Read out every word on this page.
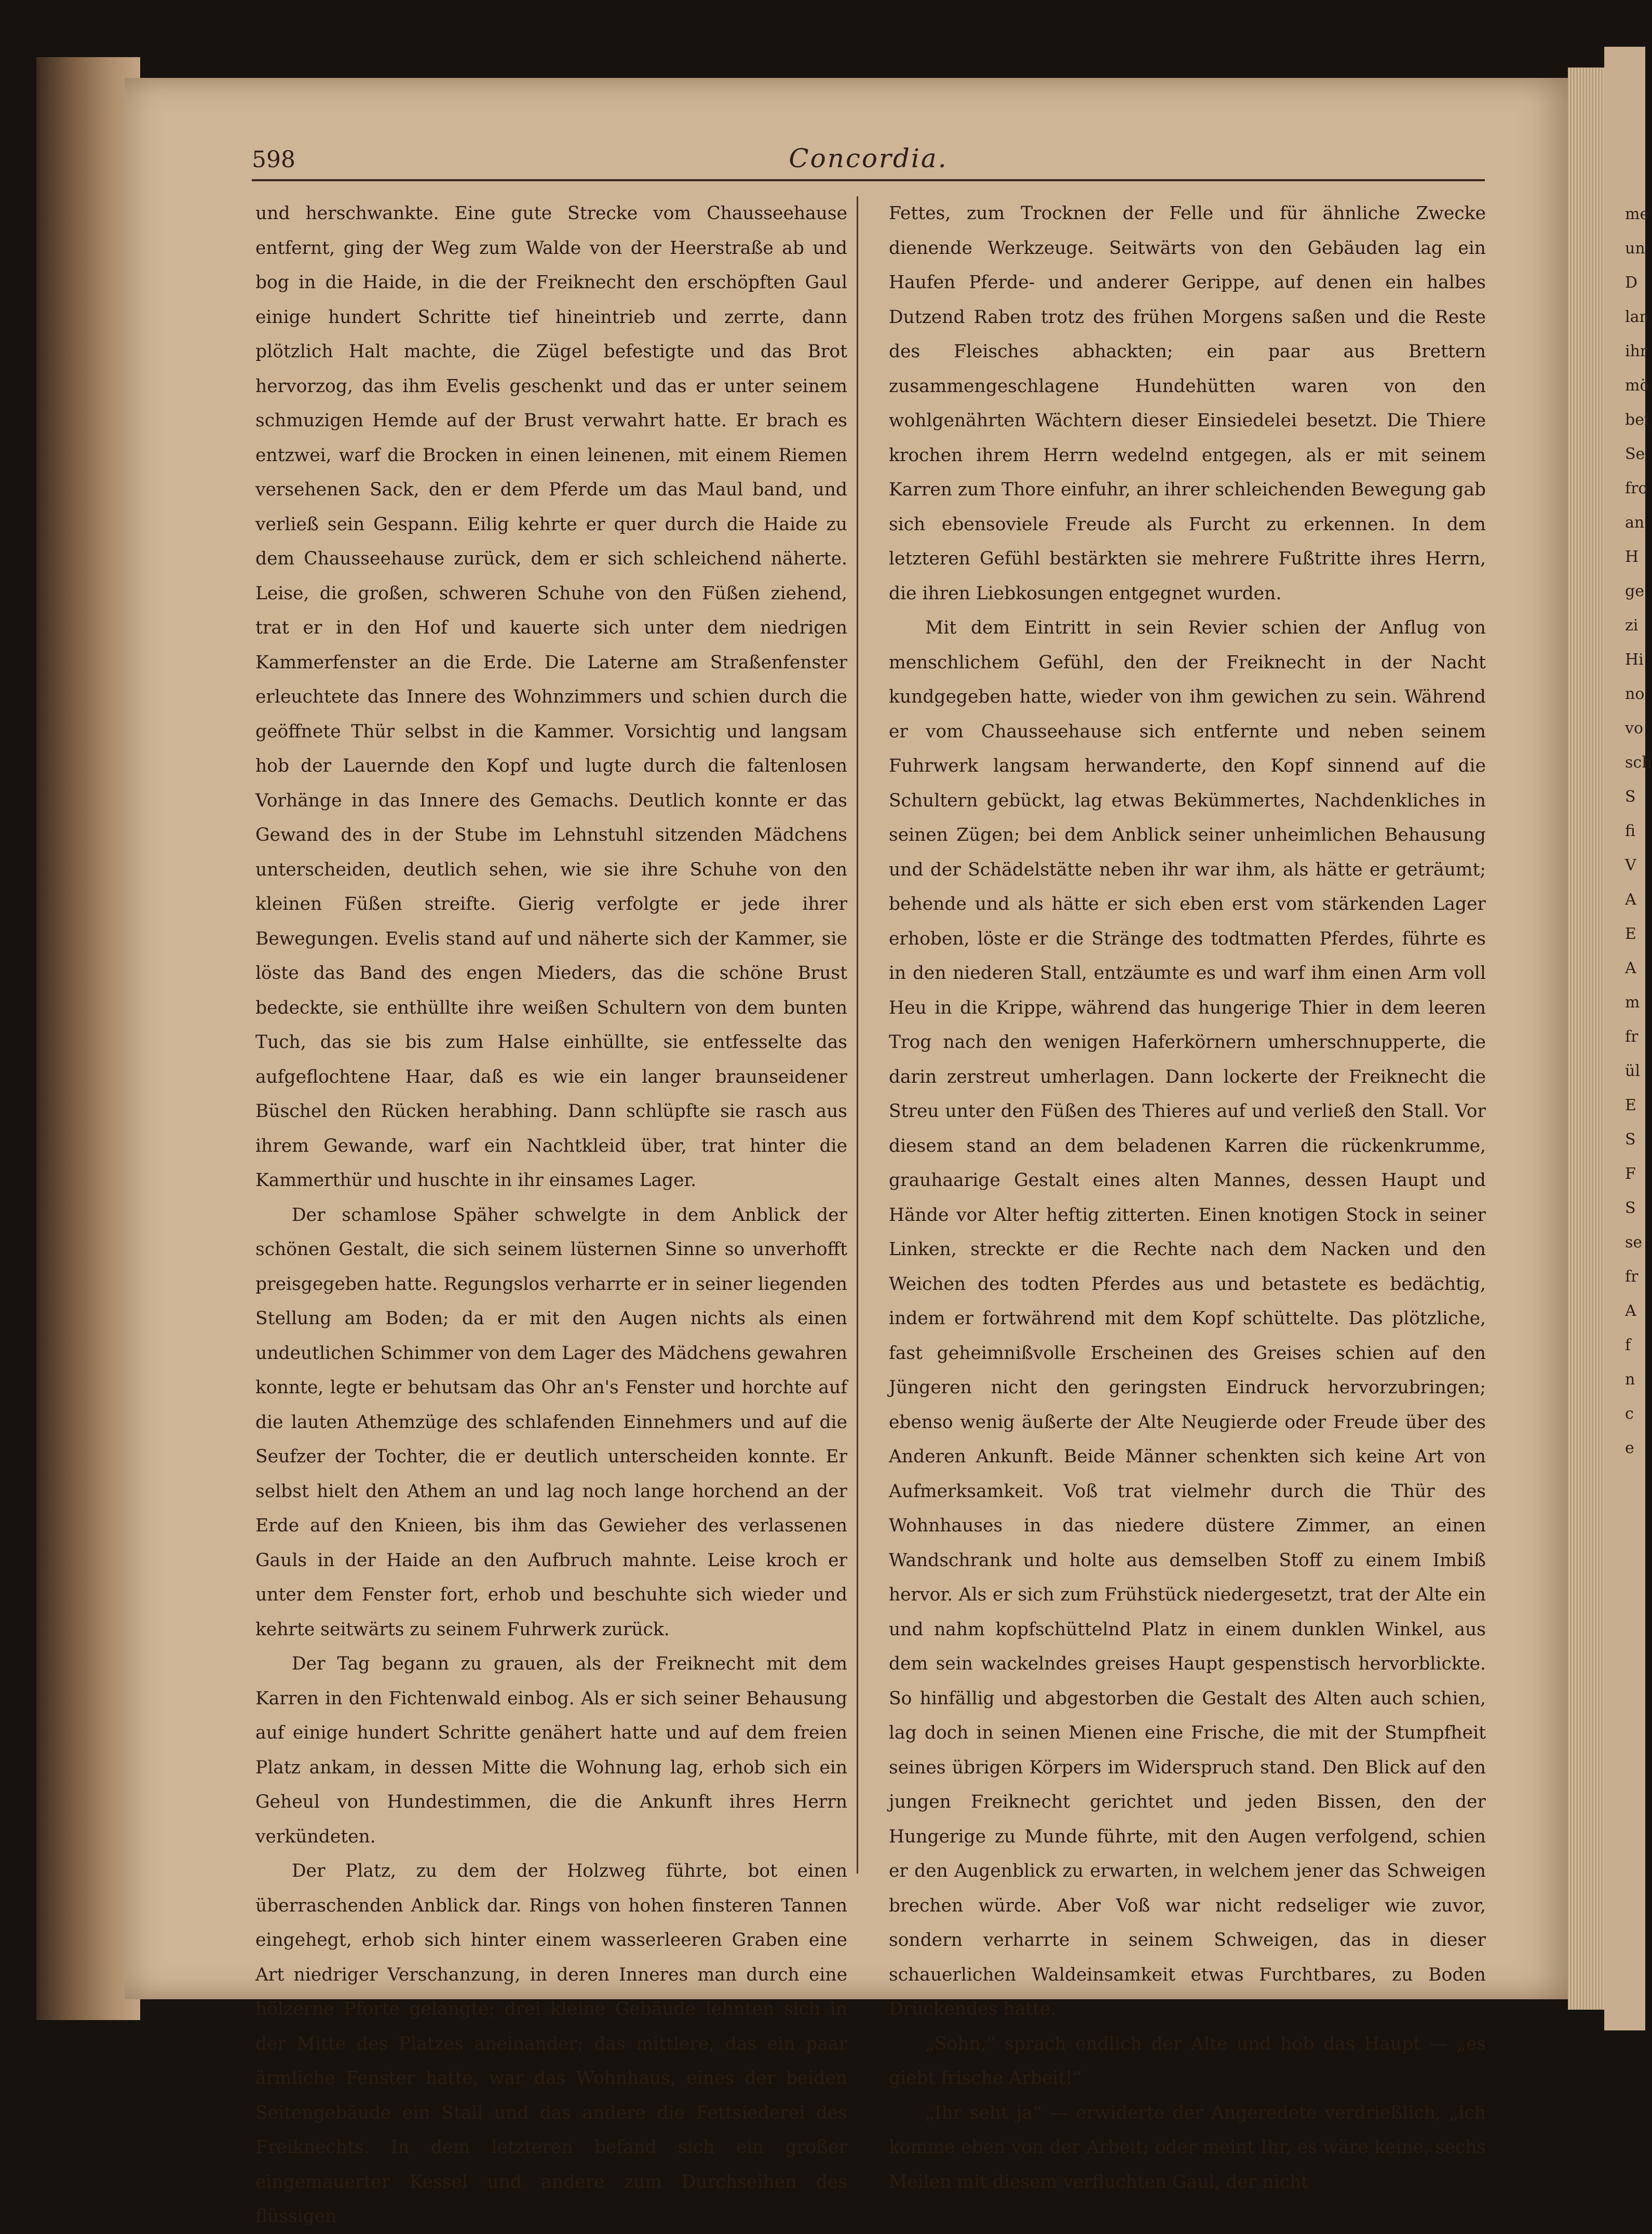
me
un
D
lan
ihr
mö
bei
Se
fro
an
H
ge
zi
Hi
no
vo
sch
S
fi
V
A
E
A
m
fr
ül
E
S
F
S
se
fr
A
f
n
c
e
598	Concordia.

und herschwankte. Eine gute Strecke vom Chausseehause entfernt, ging der Weg zum Walde von der Heerstraße ab und bog in die Haide, in die der Freiknecht den erschöpften Gaul einige hundert Schritte tief hineintrieb und zerrte, dann plötzlich Halt machte, die Zügel befestigte und das Brot hervorzog, das ihm Evelis geschenkt und das er unter seinem schmuzigen Hemde auf der Brust verwahrt hatte. Er brach es entzwei, warf die Brocken in einen leinenen, mit einem Riemen versehenen Sack, den er dem Pferde um das Maul band, und verließ sein Gespann. Eilig kehrte er quer durch die Haide zu dem Chausseehause zurück, dem er sich schleichend näherte. Leise, die großen, schweren Schuhe von den Füßen ziehend, trat er in den Hof und kauerte sich unter dem niedrigen Kammerfenster an die Erde. Die Laterne am Straßenfenster erleuchtete das Innere des Wohnzimmers und schien durch die geöffnete Thür selbst in die Kammer. Vorsichtig und langsam hob der Lauernde den Kopf und lugte durch die faltenlosen Vorhänge in das Innere des Gemachs. Deutlich konnte er das Gewand des in der Stube im Lehnstuhl sitzenden Mädchens unterscheiden, deutlich sehen, wie sie ihre Schuhe von den kleinen Füßen streifte. Gierig verfolgte er jede ihrer Bewegungen. Evelis stand auf und näherte sich der Kammer, sie löste das Band des engen Mieders, das die schöne Brust bedeckte, sie enthüllte ihre weißen Schultern von dem bunten Tuch, das sie bis zum Halse einhüllte, sie entfesselte das aufgeflochtene Haar, daß es wie ein langer braunseidener Büschel den Rücken herabhing. Dann schlüpfte sie rasch aus ihrem Gewande, warf ein Nachtkleid über, trat hinter die Kammerthür und huschte in ihr einsames Lager.

Der schamlose Späher schwelgte in dem Anblick der schönen Gestalt, die sich seinem lüsternen Sinne so unverhofft preisgegeben hatte. Regungslos verharrte er in seiner liegenden Stellung am Boden; da er mit den Augen nichts als einen undeutlichen Schimmer von dem Lager des Mädchens gewahren konnte, legte er behutsam das Ohr an's Fenster und horchte auf die lauten Athemzüge des schlafenden Einnehmers und auf die Seufzer der Tochter, die er deutlich unterscheiden konnte. Er selbst hielt den Athem an und lag noch lange horchend an der Erde auf den Knieen, bis ihm das Gewieher des verlassenen Gauls in der Haide an den Aufbruch mahnte. Leise kroch er unter dem Fenster fort, erhob und beschuhte sich wieder und kehrte seitwärts zu seinem Fuhrwerk zurück.

Der Tag begann zu grauen, als der Freiknecht mit dem Karren in den Fichtenwald einbog. Als er sich seiner Behausung auf einige hundert Schritte genähert hatte und auf dem freien Platz ankam, in dessen Mitte die Wohnung lag, erhob sich ein Geheul von Hundestimmen, die die Ankunft ihres Herrn verkündeten.

Der Platz, zu dem der Holzweg führte, bot einen überraschenden Anblick dar. Rings von hohen finsteren Tannen eingehegt, erhob sich hinter einem wasserleeren Graben eine Art niedriger Verschanzung, in deren Inneres man durch eine hölzerne Pforte gelangte; drei kleine Gebäude lehnten sich in der Mitte des Platzes aneinander; das mittlere, das ein paar ärmliche Fenster hatte, war das Wohnhaus, eines der beiden Seitengebäude ein Stall und das andere die Fettsiederei des Freiknechts. In dem letzteren befand sich ein großer eingemauerter Kessel und andere zum Durchseihen des flüssigen

Fettes, zum Trocknen der Felle und für ähnliche Zwecke dienende Werkzeuge. Seitwärts von den Gebäuden lag ein Haufen Pferde- und anderer Gerippe, auf denen ein halbes Dutzend Raben trotz des frühen Morgens saßen und die Reste des Fleisches abhackten; ein paar aus Brettern zusammengeschlagene Hundehütten waren von den wohlgenährten Wächtern dieser Einsiedelei besetzt. Die Thiere krochen ihrem Herrn wedelnd entgegen, als er mit seinem Karren zum Thore einfuhr, an ihrer schleichenden Bewegung gab sich ebensoviele Freude als Furcht zu erkennen. In dem letzteren Gefühl bestärkten sie mehrere Fußtritte ihres Herrn, die ihren Liebkosungen entgegnet wurden.

Mit dem Eintritt in sein Revier schien der Anflug von menschlichem Gefühl, den der Freiknecht in der Nacht kundgegeben hatte, wieder von ihm gewichen zu sein. Während er vom Chausseehause sich entfernte und neben seinem Fuhrwerk langsam herwanderte, den Kopf sinnend auf die Schultern gebückt, lag etwas Bekümmertes, Nachdenkliches in seinen Zügen; bei dem Anblick seiner unheimlichen Behausung und der Schädelstätte neben ihr war ihm, als hätte er geträumt; behende und als hätte er sich eben erst vom stärkenden Lager erhoben, löste er die Stränge des todtmatten Pferdes, führte es in den niederen Stall, entzäumte es und warf ihm einen Arm voll Heu in die Krippe, während das hungerige Thier in dem leeren Trog nach den wenigen Haferkörnern umherschnupperte, die darin zerstreut umherlagen. Dann lockerte der Freiknecht die Streu unter den Füßen des Thieres auf und verließ den Stall. Vor diesem stand an dem beladenen Karren die rückenkrumme, grauhaarige Gestalt eines alten Mannes, dessen Haupt und Hände vor Alter heftig zitterten. Einen knotigen Stock in seiner Linken, streckte er die Rechte nach dem Nacken und den Weichen des todten Pferdes aus und betastete es bedächtig, indem er fortwährend mit dem Kopf schüttelte. Das plötzliche, fast geheimnißvolle Erscheinen des Greises schien auf den Jüngeren nicht den geringsten Eindruck hervorzubringen; ebenso wenig äußerte der Alte Neugierde oder Freude über des Anderen Ankunft. Beide Männer schenkten sich keine Art von Aufmerksamkeit. Voß trat vielmehr durch die Thür des Wohnhauses in das niedere düstere Zimmer, an einen Wandschrank und holte aus demselben Stoff zu einem Imbiß hervor. Als er sich zum Frühstück niedergesetzt, trat der Alte ein und nahm kopfschüttelnd Platz in einem dunklen Winkel, aus dem sein wackelndes greises Haupt gespenstisch hervorblickte. So hinfällig und abgestorben die Gestalt des Alten auch schien, lag doch in seinen Mienen eine Frische, die mit der Stumpfheit seines übrigen Körpers im Widerspruch stand. Den Blick auf den jungen Freiknecht gerichtet und jeden Bissen, den der Hungerige zu Munde führte, mit den Augen verfolgend, schien er den Augenblick zu erwarten, in welchem jener das Schweigen brechen würde. Aber Voß war nicht redseliger wie zuvor, sondern verharrte in seinem Schweigen, das in dieser schauerlichen Waldeinsamkeit etwas Furchtbares, zu Boden Drückendes hatte.

„Sohn,“ sprach endlich der Alte und hob das Haupt — „es giebt frische Arbeit!“

„Ihr seht ja“ — erwiderte der Angeredete verdrießlich, „ich komme eben von der Arbeit; oder meint Ihr, es wäre keine, sechs Meilen mit diesem verfluchten Gaul, der nicht
